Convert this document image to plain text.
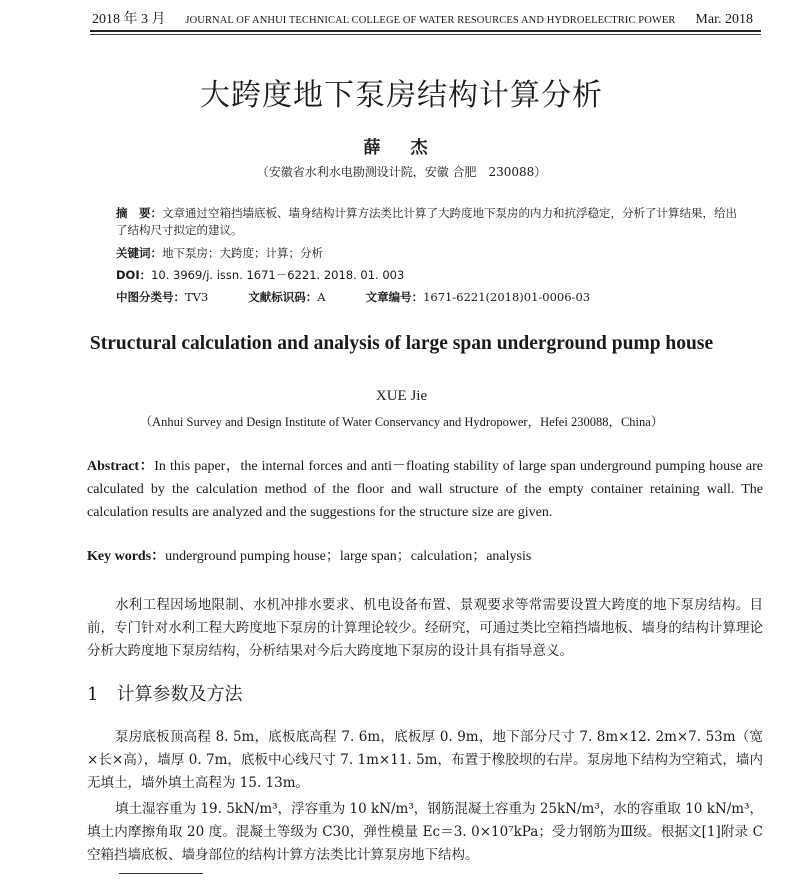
2018 年 3 月 JOURNAL OF ANHUI TECHNICAL COLLEGE OF WATER RESOURCES AND HYDROELECTRIC POWER Mar. 2018
大跨度地下泵房结构计算分析
薛 杰
（安徽省水利水电勘测设计院，安徽 合肥　230088）
摘　要：文章通过空箱挡墙底板、墙身结构计算方法类比计算了大跨度地下泵房的内力和抗浮稳定，分析了计算结果，给出了结构尺寸拟定的建议。
关键词：地下泵房；大跨度；计算；分析
DOI：10. 3969/j. issn. 1671－6221. 2018. 01. 003
中图分类号：TV3	文献标识码：A	文章编号：1671-6221(2018)01-0006-03
Structural calculation and analysis of large span underground pump house
XUE Jie
（Anhui Survey and Design Institute of Water Conservancy and Hydropower，Hefei 230088，China）
Abstract：In this paper，the internal forces and anti－floating stability of large span underground pumping house are calculated by the calculation method of the floor and wall structure of the empty container retaining wall. The calculation results are analyzed and the suggestions for the structure size are given.
Key words：underground pumping house；large span；calculation；analysis
水利工程因场地限制、水机冲排水要求、机电设备布置、景观要求等常需要设置大跨度的地下泵房结构。目前，专门针对水利工程大跨度地下泵房的计算理论较少。经研究，可通过类比空箱挡墙地板、墙身的结构计算理论分析大跨度地下泵房结构，分析结果对今后大跨度地下泵房的设计具有指导意义。
1 计算参数及方法
泵房底板顶高程 8. 5m，底板底高程 7. 6m，底板厚 0. 9m，地下部分尺寸 7. 8m×12. 2m×7. 53m（宽×长×高），墙厚 0. 7m，底板中心线尺寸 7. 1m×11. 5m，布置于橡胶坝的右岸。泵房地下结构为空箱式，墙内无填土，墙外填土高程为 15. 13m。
填土湿容重为 19. 5kN/m³，浮容重为 10 kN/m³，钢筋混凝土容重为 25kN/m³，水的容重取 10 kN/m³，填土内摩擦角取 20 度。混凝土等级为 C30，弹性模量 Ec＝3. 0×10⁷kPa；受力钢筋为Ⅲ级。根据文[1]附录 C 空箱挡墙底板、墙身部位的结构计算方法类比计算泵房地下结构。
